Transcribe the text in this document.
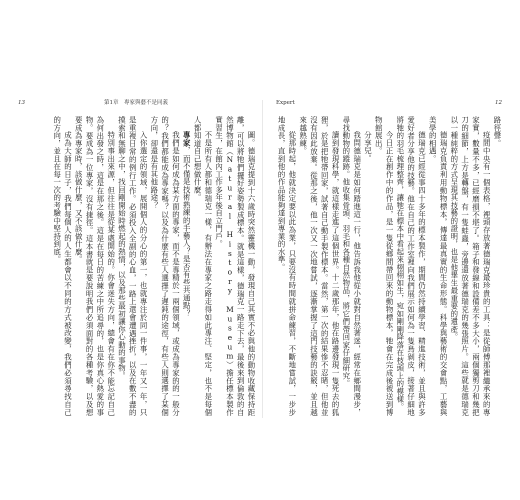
13	第1章　專家與藝不是同義

圖。德瑞克提到十六歲時突然靈機一動，發現自己其實不必與他的動物收藏保持距離，可以將牠們擺好姿勢製成標本。就是這樣，德瑞克一路走下去，最後來到倫敦的自然博物館（Natural History Museum）擔任標本製作實習生，在館內工作多年後自立門戶。

不是所有人都和德瑞克一樣，有辦法在專家之路走得如此專注、堅定，也不是每個人都知道自己想做什麼。

專家，而不僅是技術熟練的手藝人？是否有些共通點？

我們是如何成為某方面的專家，而不是專精於一兩個領域，或成為專家的的一般分的？我們都能成為專家嗎？以及為什麼有些人選擇了遲鈍的途徑，有些人則選擇了某個方向，卻還是有其他路途？

入你選定的領域，展開個人的分心的第一，也就專注於同一件事，一年又一年，只是重複日常的例行工作。必須投入全副的心血，一路上還會遭遇挫折，以及在數不盡的摸索和無聊之中，找回剛開始時燃起的熱情，以及那些最初讓你心動的事物。

特別事出來源，但往往是從某處開始的。你會迷失方向，總會有在你不能忘記自己為何出發之時，這是在那之後。這是在每日的苦練之中所追尋的，也是你真心熱愛的事物。要成為一位專家，沒有捷徑。這本書就是要說明我們必須面對的各種考驗，以及想要成為專家時，該做什麼，又不該做什麼。

成為大師的日子，我們每個人的人生都會以不同的方式被改變，我們必須尋找自己的方向，並且在每一次的考驗中堅持到底。

Expert	12

路徑聲。

疫間中央有一個表格，裡頭存放著德瑞克最珍貴的工具：是從師傅那裡繼承來的專家實，數量不多，已經磨損不堪了。箱子和發線和設備差不多大小，兩個獨剪刀和幾把刀的細節，上方是轉盤，有一隻蛙蟲，旁邊還放著德瑞克的幾張照片。這些就是德瑞克以一種純粹的方式呈現其技藝的證明，也是他畢生最重要的遺產。

德瑞克負責利用動物標本，傳達最真實的生命形態。科學與藝術的交會點，工藝與美學的相遇。

德瑞克已經從事四十多年的標本製作，期間仍然持續學習、精進技術，並且與許多愛好者分享他的技藝。他在自己的工作室裡向我們展示如何為一隻鳥剝皮，接著仔細地將牠的羽毛梳理整齊，讓牠在標本中看起來栩栩如生，宛如剛剛降落在枝頭上的模樣。

今日正在創作中的作品，是一隻從鄉間帶回來的動物標本，牠會在完成後被送到博物館展出。

分享兒。

我問德瑞克是如何踏進這一行，他告訴我他從小就對自然著迷，經常在鄉間漫步，尋找動物的蹤跡。他收集骨頭、羽毛和各種自然物品，將它們帶回家仔細研究。

讀到發現科學，就這樣走進了這個世界。十二歲那年，他在路邊發現一隻死去的狐狸，於是把牠帶回家，試著自己動手製作標本。當然，第一次的結果慘不忍睹，但他並沒有因此放棄。從那之後，他一次又一次地嘗試，逐漸掌握了這門技藝的訣竅，並且越來越熟練。

從那時起，他就決定要以此為業，只要沒有時間就拼命練習，不斷地嘗試，一步步地成長，直到他的作品能夠達到專業的水準。
